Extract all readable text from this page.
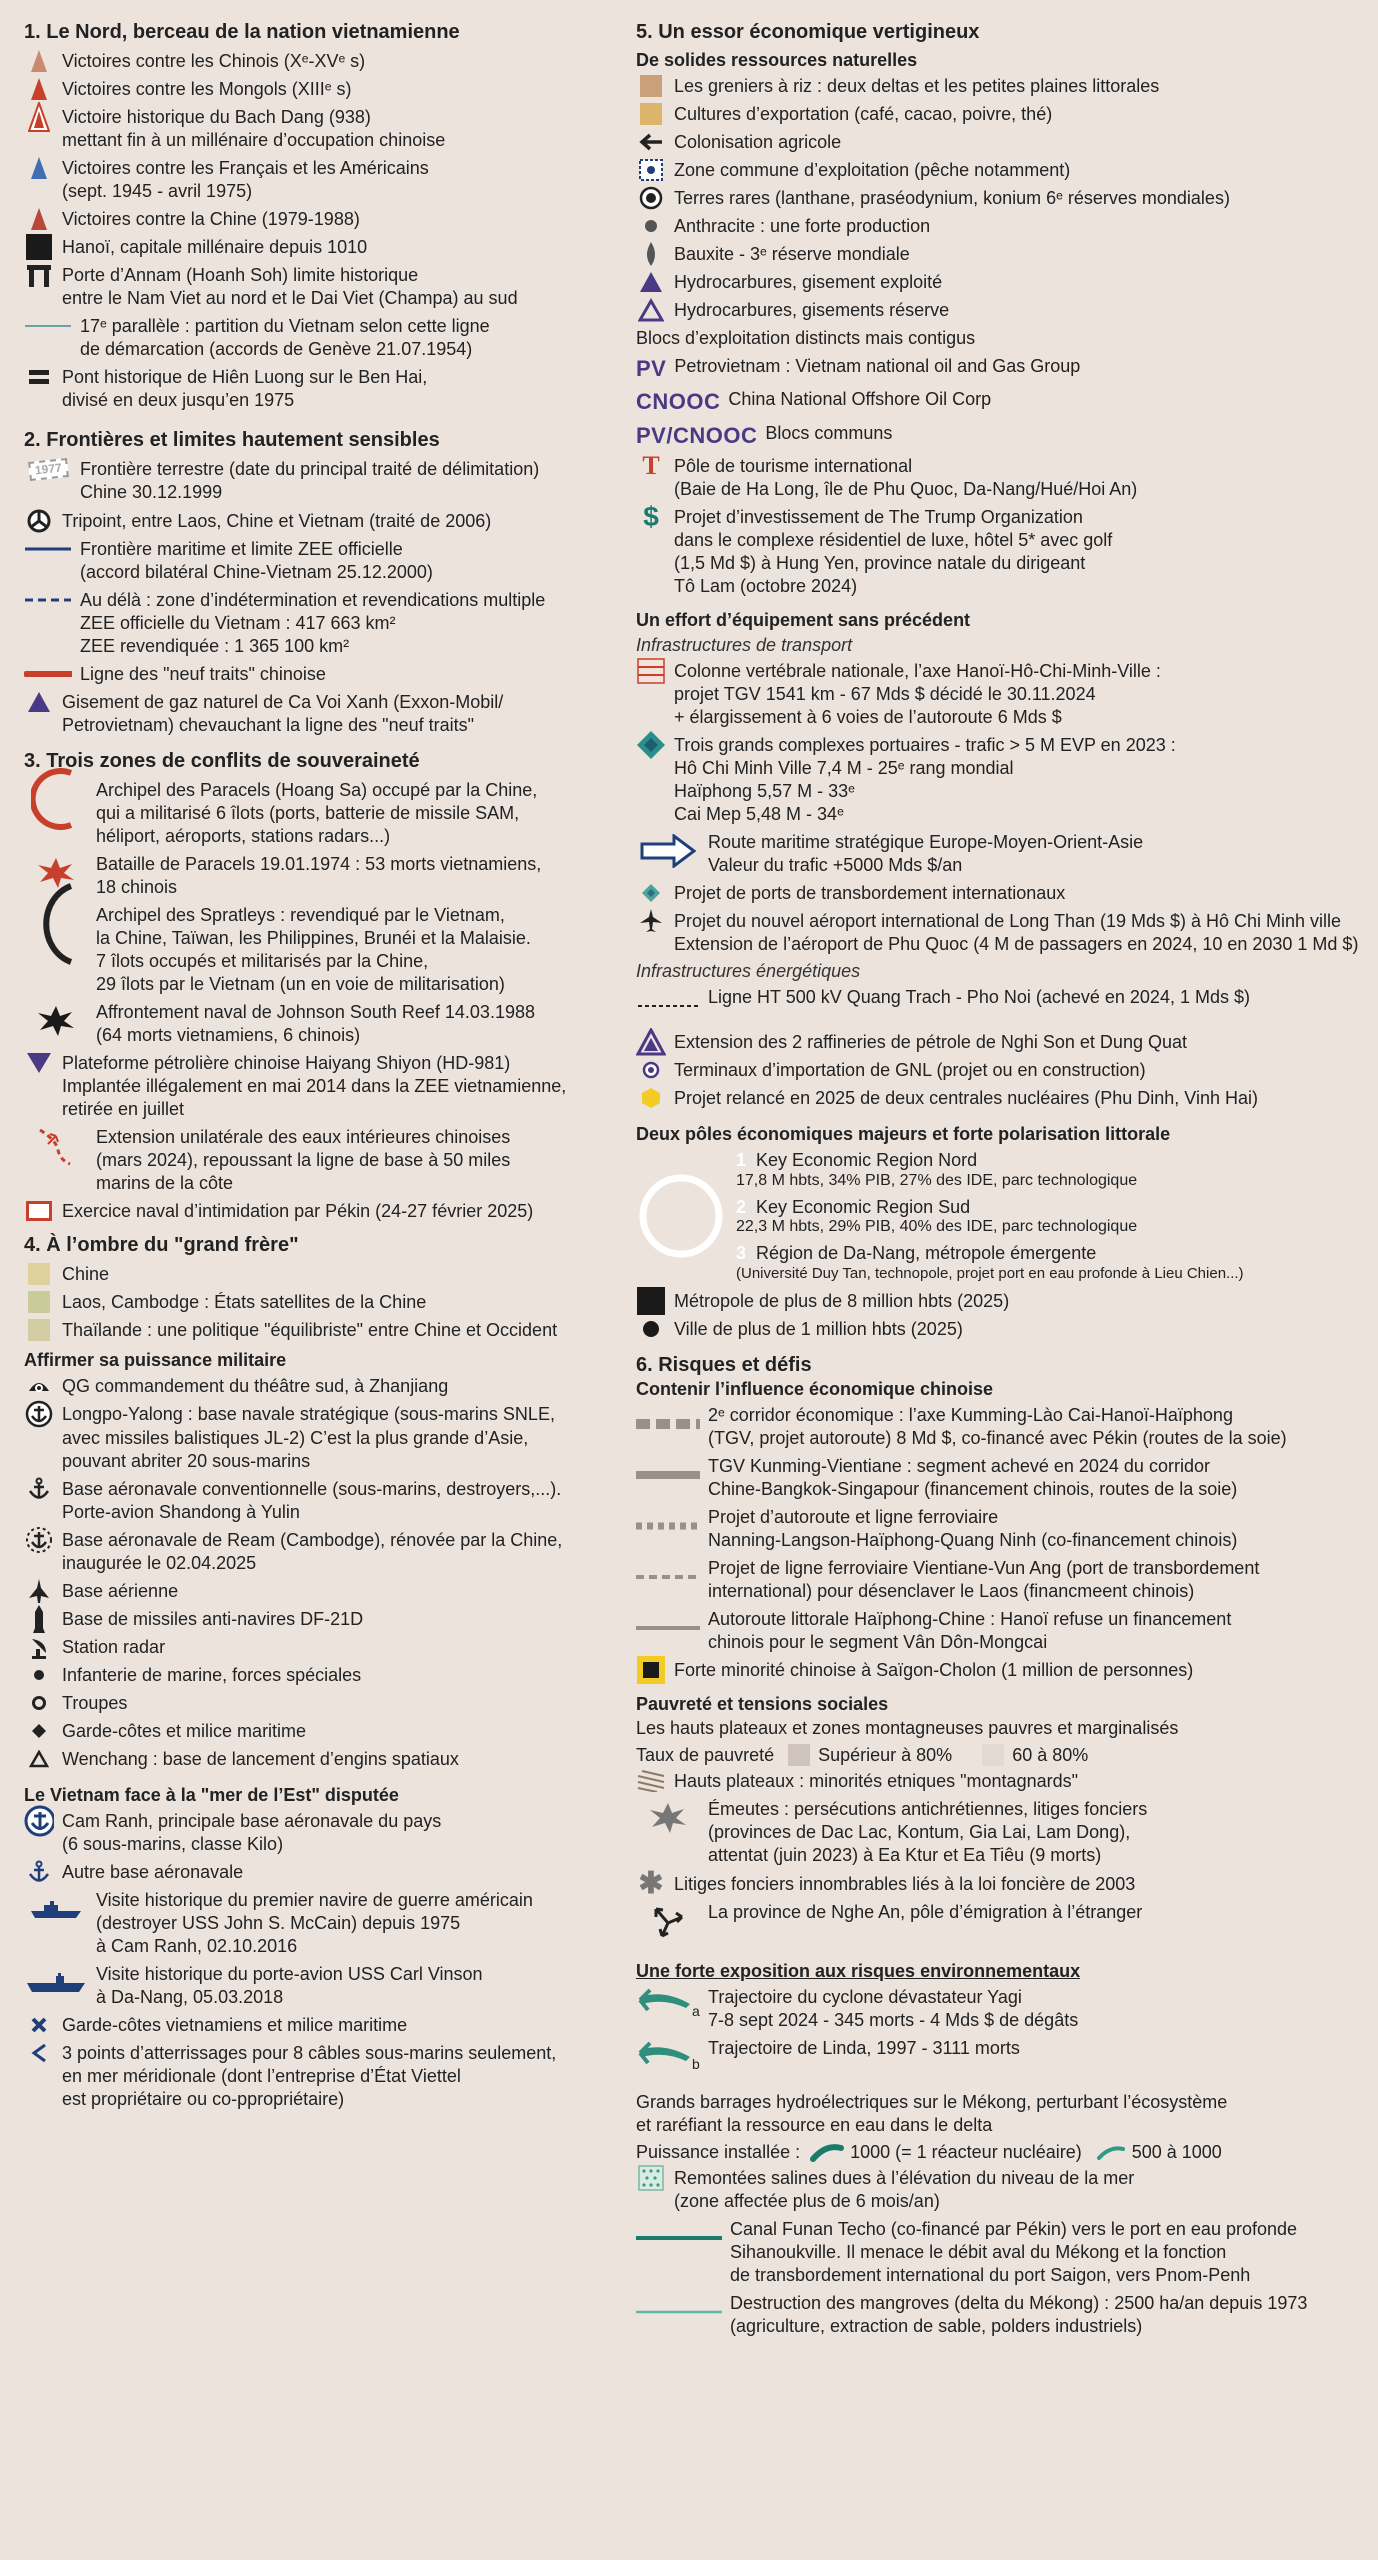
1. Le Nord, berceau de la nation vietnamienne
Victoires contre les Chinois (Xᵉ-XVᵉ s)
Victoires contre les Mongols (XIIIᵉ s)
Victoire historique du Bach Dang (938)
mettant fin à un millénaire d’occupation chinoise
Victoires contre les Français et les Américains
(sept. 1945 - avril 1975)
Victoires contre la Chine (1979-1988)
Hanoï, capitale millénaire depuis 1010
Porte d’Annam (Hoanh Soh) limite historique
entre le Nam Viet au nord et le Dai Viet (Champa) au sud
17ᵉ parallèle : partition du Vietnam selon cette ligne
de démarcation (accords de Genève 21.07.1954)
Pont historique de Hiên Luong sur le Ben Hai,
divisé en deux jusqu’en 1975
2. Frontières et limites hautement sensibles
1977	Frontière terrestre (date du principal traité de délimitation)
Chine 30.12.1999
Tripoint, entre Laos, Chine et Vietnam (traité de 2006)
Frontière maritime et limite ZEE officielle
(accord bilatéral Chine-Vietnam 25.12.2000)
Au délà : zone d’indétermination et revendications multiple
ZEE officielle du Vietnam : 417 663 km²
ZEE revendiquée : 1 365 100 km²
Ligne des "neuf traits" chinoise
Gisement de gaz naturel de Ca Voi Xanh (Exxon-Mobil/
Petrovietnam) chevauchant la ligne des "neuf traits"
3. Trois zones de conflits de souveraineté
Archipel des Paracels (Hoang Sa) occupé par la Chine,
qui a militarisé 6 îlots (ports, batterie de missile SAM,
héliport, aéroports, stations radars...)
Bataille de Paracels 19.01.1974 : 53 morts vietnamiens,
18 chinois
Archipel des Spratleys : revendiqué par le Vietnam,
la Chine, Taïwan, les Philippines, Brunéi et la Malaisie.
7 îlots occupés et militarisés par la Chine,
29 îlots par le Vietnam (un en voie de militarisation)
Affrontement naval de Johnson South Reef 14.03.1988
(64 morts vietnamiens, 6 chinois)
Plateforme pétrolière chinoise Haiyang Shiyon (HD-981)
Implantée illégalement en mai 2014 dans la ZEE vietnamienne,
retirée en juillet
Extension unilatérale des eaux intérieures chinoises
(mars 2024), repoussant la ligne de base à 50 miles
marins de la côte
Exercice naval d’intimidation par Pékin (24-27 février 2025)
4. À l’ombre du "grand frère"
Chine
Laos, Cambodge : États satellites de la Chine
Thaïlande : une politique "équilibriste" entre Chine et Occident
Affirmer sa puissance militaire
QG commandement du théâtre sud, à Zhanjiang
Longpo-Yalong : base navale stratégique (sous-marins SNLE,
avec missiles balistiques JL-2) C’est la plus grande d’Asie,
pouvant abriter 20 sous-marins
Base aéronavale conventionnelle (sous-marins, destroyers,...).
Porte-avion Shandong à Yulin
Base aéronavale de Ream (Cambodge), rénovée par la Chine,
inaugurée le 02.04.2025
Base aérienne
Base de missiles anti-navires DF-21D
Station radar
Infanterie de marine, forces spéciales
Troupes
Garde-côtes et milice maritime
Wenchang : base de lancement d’engins spatiaux
Le Vietnam face à la "mer de l’Est" disputée
Cam Ranh, principale base aéronavale du pays
(6 sous-marins, classe Kilo)
Autre base aéronavale
Visite historique du premier navire de guerre américain
(destroyer USS John S. McCain) depuis 1975
à Cam Ranh, 02.10.2016
Visite historique du porte-avion USS Carl Vinson
à Da-Nang, 05.03.2018
Garde-côtes vietnamiens et milice maritime
3 points d’atterrissages pour 8 câbles sous-marins seulement,
en mer méridionale (dont l’entreprise d’État Viettel
est propriétaire ou co-ppropriétaire)
5. Un essor économique vertigineux
De solides ressources naturelles
Les greniers à riz : deux deltas et les petites plaines littorales
Cultures d’exportation (café, cacao, poivre, thé)
Colonisation agricole
Zone commune d’exploitation (pêche notamment)
Terres rares (lanthane, praséodynium, konium 6ᵉ réserves mondiales)
Anthracite : une forte production
Bauxite - 3ᵉ réserve mondiale
Hydrocarbures, gisement exploité
Hydrocarbures, gisements réserve
Blocs d’exploitation distincts mais contigus
PV Petrovietnam : Vietnam national oil and Gas Group
CNOOC China National Offshore Oil Corp
PV/CNOOC Blocs communs
T Pôle de tourisme international
(Baie de Ha Long, île de Phu Quoc, Da-Nang/Hué/Hoi An)
$ Projet d’investissement de The Trump Organization
dans le complexe résidentiel de luxe, hôtel 5* avec golf
(1,5 Md $) à Hung Yen, province natale du dirigeant
Tô Lam (octobre 2024)
Un effort d’équipement sans précédent
Infrastructures de transport
Colonne vertébrale nationale, l’axe Hanoï-Hô-Chi-Minh-Ville :
projet TGV 1541 km - 67 Mds $ décidé le 30.11.2024
+ élargissement à 6 voies de l’autoroute 6 Mds $
Trois grands complexes portuaires - trafic > 5 M EVP en 2023 :
Hô Chi Minh Ville 7,4 M - 25ᵉ rang mondial
Haïphong 5,57 M - 33ᵉ
Cai Mep 5,48 M - 34ᵉ
Route maritime stratégique Europe-Moyen-Orient-Asie
Valeur du trafic +5000 Mds $/an
Projet de ports de transbordement internationaux
Projet du nouvel aéroport international de Long Than (19 Mds $) à Hô Chi Minh ville
Extension de l’aéroport de Phu Quoc (4 M de passagers en 2024, 10 en 2030 1 Md $)
Infrastructures énergétiques
Ligne HT 500 kV Quang Trach - Pho Noi (achevé en 2024, 1 Mds $)
Extension des 2 raffineries de pétrole de Nghi Son et Dung Quat
Terminaux d’importation de GNL (projet ou en construction)
Projet relancé en 2025 de deux centrales nucléaires (Phu Dinh, Vinh Hai)
Deux pôles économiques majeurs et forte polarisation littorale
1 Key Economic Region Nord
17,8 M hbts, 34% PIB, 27% des IDE, parc technologique
2 Key Economic Region Sud
22,3 M hbts, 29% PIB, 40% des IDE, parc technologique
3 Région de Da-Nang, métropole émergente
(Université Duy Tan, technopole, projet port en eau profonde à Lieu Chien...)
Métropole de plus de 8 million hbts (2025)
Ville de plus de 1 million hbts (2025)
6. Risques et défis
Contenir l’influence économique chinoise
2ᵉ corridor économique : l’axe Kumming-Lào Cai-Hanoï-Haïphong
(TGV, projet autoroute) 8 Md $, co-financé avec Pékin (routes de la soie)
TGV Kunming-Vientiane : segment achevé en 2024 du corridor
Chine-Bangkok-Singapour (financement chinois, routes de la soie)
Projet d’autoroute et ligne ferroviaire
Nanning-Langson-Haïphong-Quang Ninh (co-financement chinois)
Projet de ligne ferroviaire Vientiane-Vun Ang (port de transbordement
international) pour désenclaver le Laos (financmeent chinois)
Autoroute littorale Haïphong-Chine : Hanoï refuse un financement
chinois pour le segment Vân Dôn-Mongcai
Forte minorité chinoise à Saïgon-Cholon (1 million de personnes)
Pauvreté et tensions sociales
Les hauts plateaux et zones montagneuses pauvres et marginalisés
Taux de pauvreté Supérieur à 80%	60 à 80%
Hauts plateaux : minorités etniques "montagnards"
Émeutes : persécutions antichrétiennes, litiges fonciers
(provinces de Dac Lac, Kontum, Gia Lai, Lam Dong),
attentat (juin 2023) à Ea Ktur et Ea Tiêu (9 morts)
✱ Litiges fonciers innombrables liés à la loi foncière de 2003
La province de Nghe An, pôle d’émigration à l’étranger
Une forte exposition aux risques environnementaux
a
Trajectoire du cyclone dévastateur Yagi
7-8 sept 2024 - 345 morts - 4 Mds $ de dégâts
b
Trajectoire de Linda, 1997 - 3111 morts
Grands barrages hydroélectriques sur le Mékong, perturbant l’écosystème
et raréfiant la ressource en eau dans le delta
Puissance installée :	1000 (= 1 réacteur nucléaire)	500 à 1000
Remontées salines dues à l’élévation du niveau de la mer
(zone affectée plus de 6 mois/an)
Canal Funan Techo (co-financé par Pékin) vers le port en eau profonde
Sihanoukville. Il menace le débit aval du Mékong et la fonction
de transbordement international du port Saigon, vers Pnom-Penh
Destruction des mangroves (delta du Mékong) : 2500 ha/an depuis 1973
(agriculture, extraction de sable, polders industriels)
